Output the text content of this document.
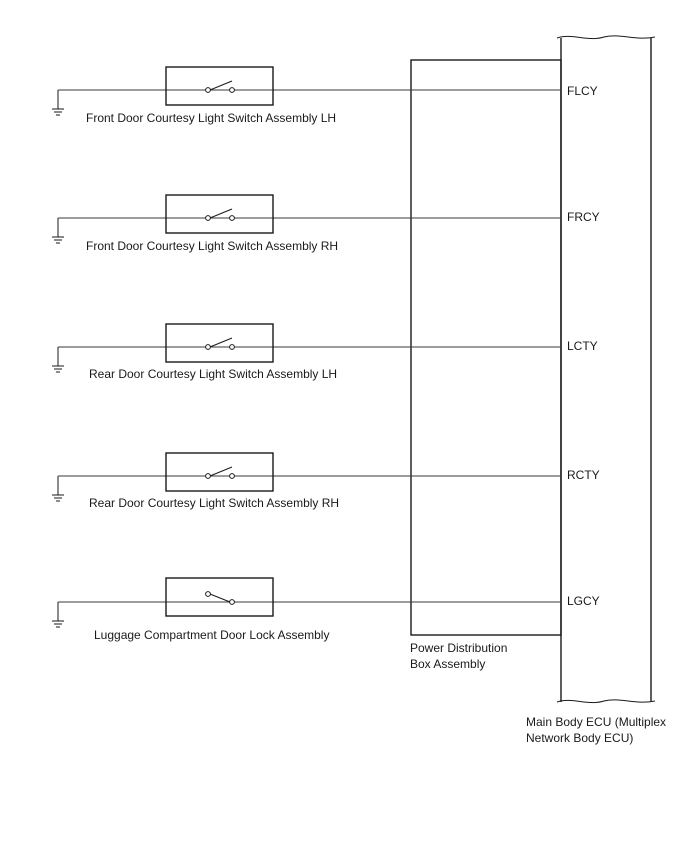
Main Body ECU (Multiplex
Network Body ECU)
Power Distribution
Box Assembly
Front Door Courtesy Light Switch Assembly LH
FLCY
Front Door Courtesy Light Switch Assembly RH
FRCY
Rear Door Courtesy Light Switch Assembly LH
LCTY
Rear Door Courtesy Light Switch Assembly RH
RCTY
Luggage Compartment Door Lock Assembly
LGCY
